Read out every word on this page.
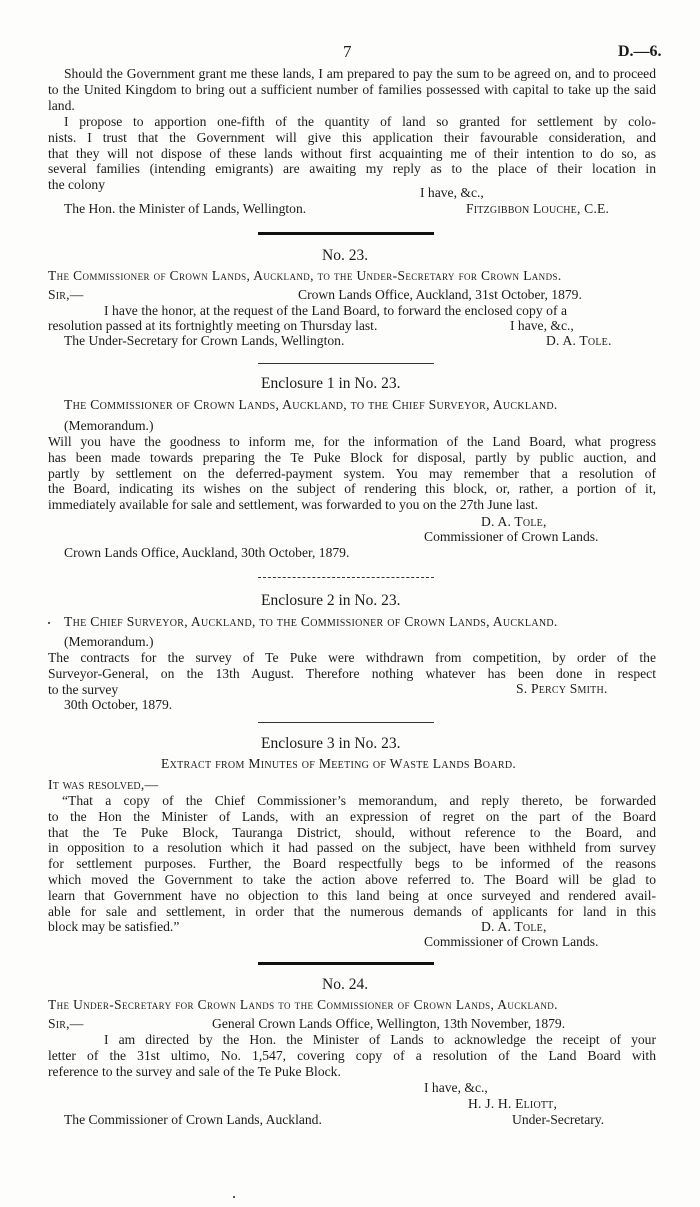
7	D.—6.
Should the Government grant me these lands, I am prepared to pay the sum to be agreed on, and to proceed to the United Kingdom to bring out a sufficient number of families possessed with capital to take up the said land.
I propose to apportion one-fifth of the quantity of land so granted for settlement by colo-
nists. I trust that the Government will give this application their favourable consideration, and
that they will not dispose of these lands without first acquainting me of their intention to do so, as
several families (intending emigrants) are awaiting my reply as to the place of their location in
the colony
I have, &c.,
The Hon. the Minister of Lands, Wellington.	Fitzgibbon Louche, C.E.
No. 23.
The Commissioner of Crown Lands, Auckland, to the Under-Secretary for Crown Lands.
Sir,—	Crown Lands Office, Auckland, 31st October, 1879.
I have the honor, at the request of the Land Board, to forward the enclosed copy of a
resolution passed at its fortnightly meeting on Thursday last.	I have, &c.,
The Under-Secretary for Crown Lands, Wellington.	D. A. Tole.
Enclosure 1 in No. 23.
The Commissioner of Crown Lands, Auckland, to the Chief Surveyor, Auckland.
(Memorandum.)
Will you have the goodness to inform me, for the information of the Land Board, what progress
has been made towards preparing the Te Puke Block for disposal, partly by public auction, and
partly by settlement on the deferred-payment system. You may remember that a resolution of
the Board, indicating its wishes on the subject of rendering this block, or, rather, a portion of it,
immediately available for sale and settlement, was forwarded to you on the 27th June last.
D. A. Tole,
Commissioner of Crown Lands.
Crown Lands Office, Auckland, 30th October, 1879.
Enclosure 2 in No. 23.
The Chief Surveyor, Auckland, to the Commissioner of Crown Lands, Auckland.
(Memorandum.)
The contracts for the survey of Te Puke were withdrawn from competition, by order of the
Surveyor-General, on the 13th August. Therefore nothing whatever has been done in respect
to the survey	S. Percy Smith.
30th October, 1879.
Enclosure 3 in No. 23.
Extract from Minutes of Meeting of Waste Lands Board.
It was resolved,—
“That a copy of the Chief Commissioner’s memorandum, and reply thereto, be forwarded
to the Hon the Minister of Lands, with an expression of regret on the part of the Board
that the Te Puke Block, Tauranga District, should, without reference to the Board, and
in opposition to a resolution which it had passed on the subject, have been withheld from survey
for settlement purposes. Further, the Board respectfully begs to be informed of the reasons
which moved the Government to take the action above referred to. The Board will be glad to
learn that Government have no objection to this land being at once surveyed and rendered avail-
able for sale and settlement, in order that the numerous demands of applicants for land in this
block may be satisfied.”	D. A. Tole,
Commissioner of Crown Lands.
No. 24.
The Under-Secretary for Crown Lands to the Commissioner of Crown Lands, Auckland.
Sir,—	General Crown Lands Office, Wellington, 13th November, 1879.
I am directed by the Hon. the Minister of Lands to acknowledge the receipt of your
letter of the 31st ultimo, No. 1,547, covering copy of a resolution of the Land Board with
reference to the survey and sale of the Te Puke Block.
I have, &c.,
H. J. H. Eliott,
The Commissioner of Crown Lands, Auckland.	Under-Secretary.
